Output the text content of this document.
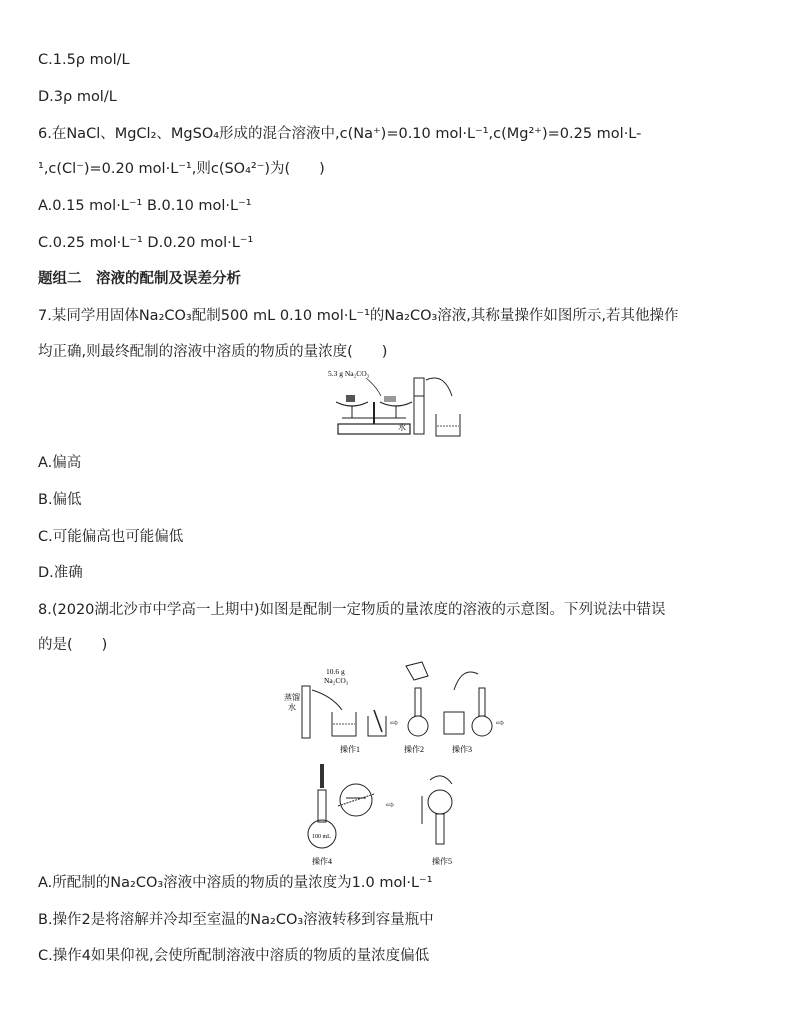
C.1.5ρ mol/L
D.3ρ mol/L
6.在NaCl、MgCl₂、MgSO₄形成的混合溶液中,c(Na⁺)=0.10 mol·L⁻¹,c(Mg²⁺)=0.25 mol·L-
¹,c(Cl⁻)=0.20 mol·L⁻¹,则c(SO₄²⁻)为(　　)
A.0.15 mol·L⁻¹ B.0.10 mol·L⁻¹
C.0.25 mol·L⁻¹ D.0.20 mol·L⁻¹
题组二　溶液的配制及误差分析
7.某同学用固体Na₂CO₃配制500 mL 0.10 mol·L⁻¹的Na₂CO₃溶液,其称量操作如图所示,若其他操作
均正确,则最终配制的溶液中溶质的物质的量浓度(　　)
5.3 g Na₂CO₃
水
A.偏高
B.偏低
C.可能偏高也可能偏低
D.准确
8.(2020湖北沙市中学高一上期中)如图是配制一定物质的量浓度的溶液的示意图。下列说法中错误
的是(　　)
蒸馏
水
10.6 g
Na₂CO₃
操作1
⇨
操作2	操作3
⇨
100 mL
操作4
⇨
操作5
A.所配制的Na₂CO₃溶液中溶质的物质的量浓度为1.0 mol·L⁻¹
B.操作2是将溶解并冷却至室温的Na₂CO₃溶液转移到容量瓶中
C.操作4如果仰视,会使所配制溶液中溶质的物质的量浓度偏低
